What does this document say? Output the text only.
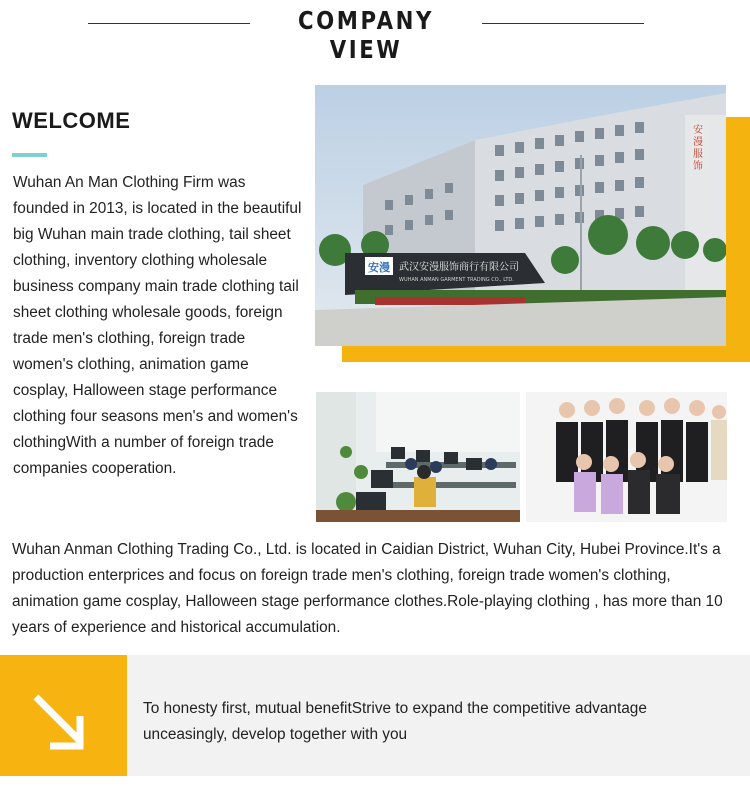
COMPANY VIEW
WELCOME
Wuhan An Man Clothing Firm was founded in 2013, is located in the beautiful big Wuhan main trade clothing, tail sheet clothing, inventory clothing wholesale business company main trade clothing tail sheet clothing wholesale goods, foreign trade men's clothing, foreign trade women's clothing, animation game cosplay, Halloween stage performance clothing four seasons men's and women's clothingWith a number of foreign trade companies cooperation.
安
漫
服
饰
安漫 武汉安漫服饰商行有限公司
WUHAN ANMAN GARMENT TRADING CO., LTD.
Wuhan Anman Clothing Trading Co., Ltd. is located in Caidian District, Wuhan City, Hubei Province.It's a production enterprices and focus on foreign trade men's clothing, foreign trade women's clothing, animation game cosplay, Halloween stage performance clothes.Role-playing clothing , has more than 10 years of experience and historical accumulation.
To honesty first, mutual benefitStrive to expand the competitive advantage unceasingly, develop together with you
